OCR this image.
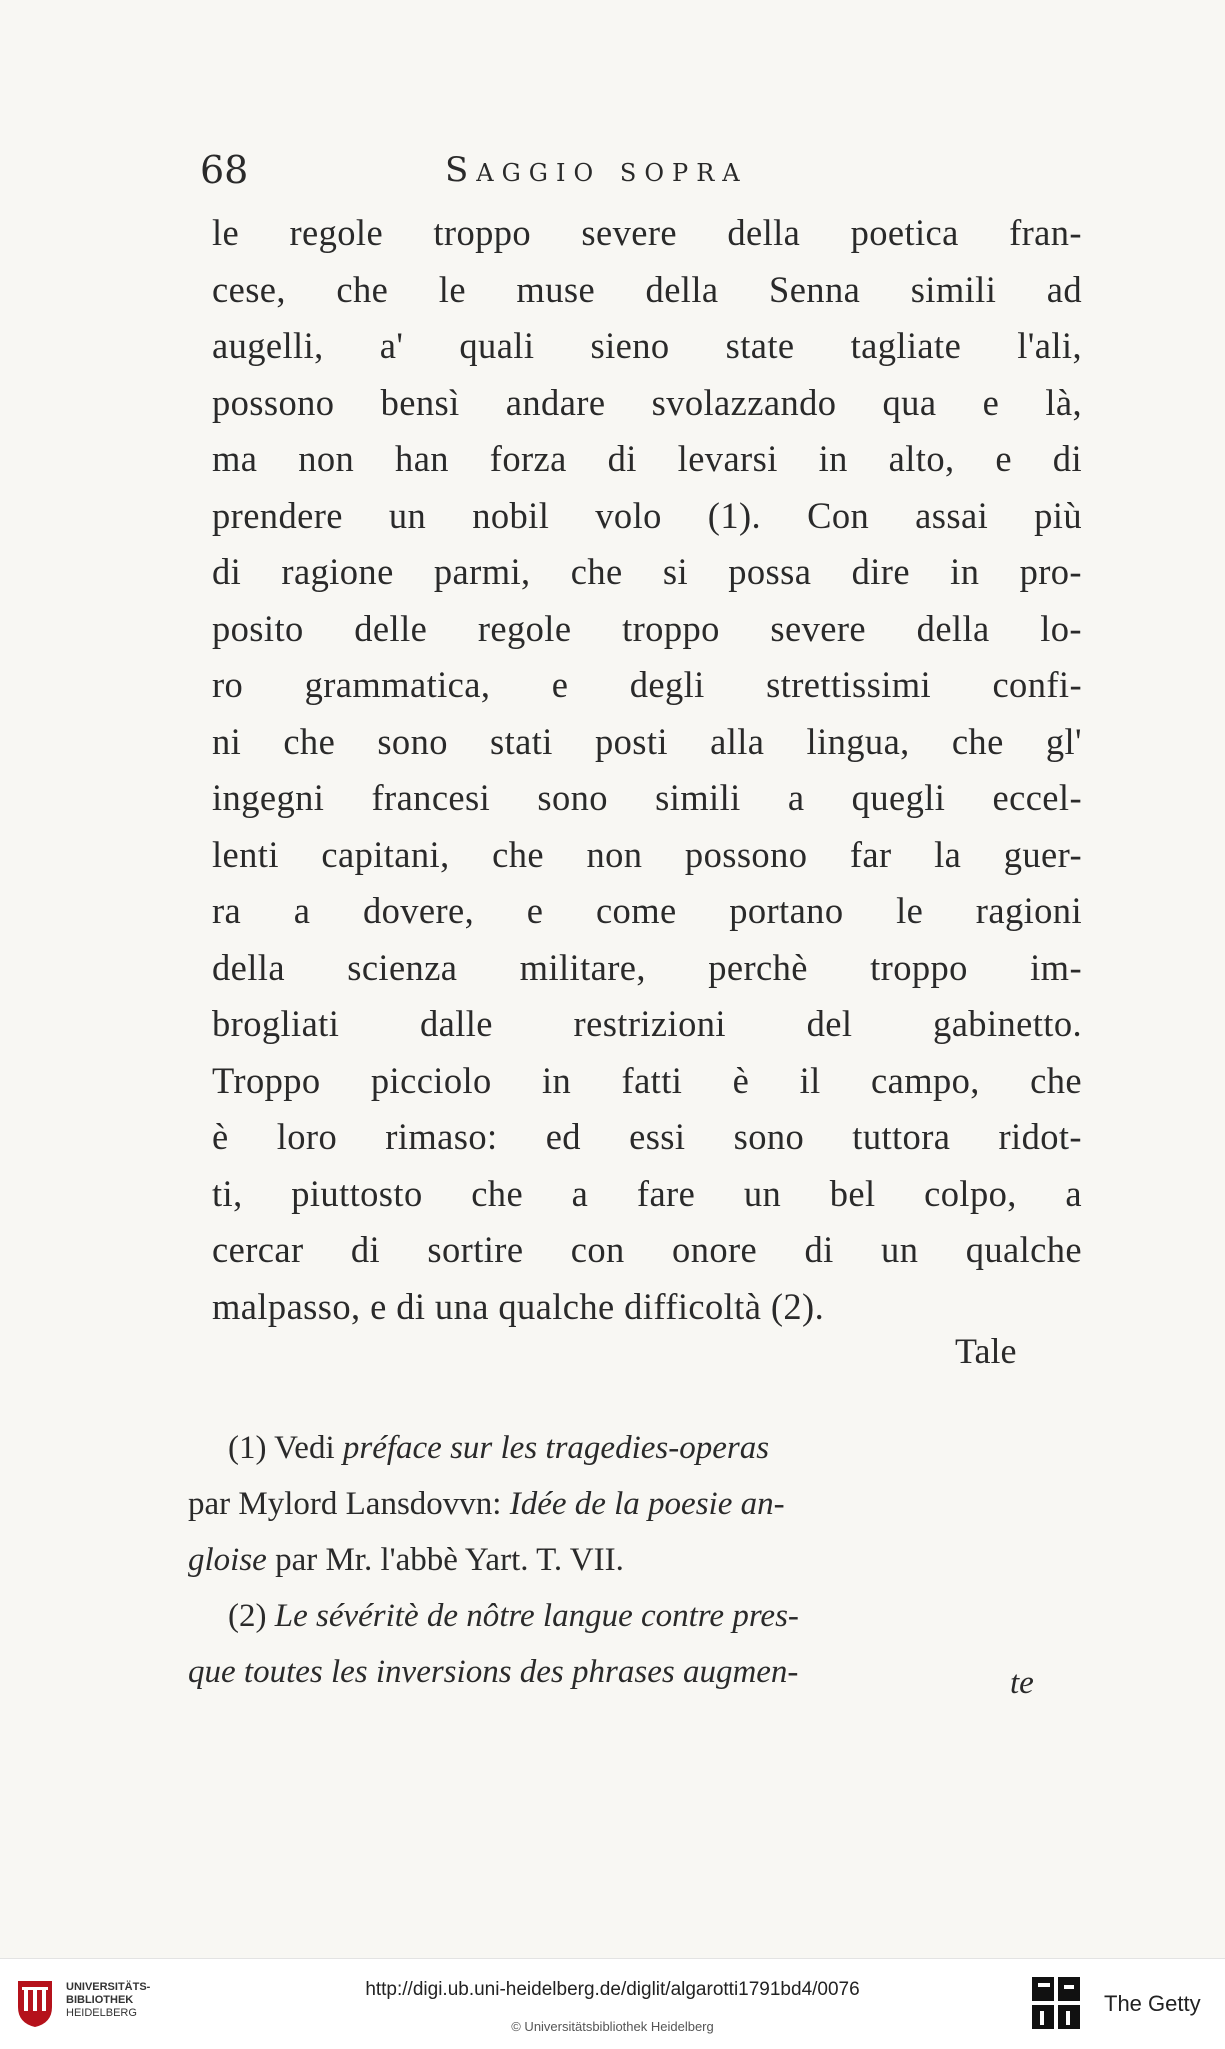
68	Saggio sopra
le regole troppo severe della poetica fran-
cese, che le muse della Senna simili ad
augelli, a' quali sieno state tagliate l'ali,
possono bensì andare svolazzando qua e là,
ma non han forza di levarsi in alto, e di
prendere un nobil volo (1). Con assai più
di ragione parmi, che si possa dire in pro-
posito delle regole troppo severe della lo-
ro grammatica, e degli strettissimi confi-
ni che sono stati posti alla lingua, che gl'
ingegni francesi sono simili a quegli eccel-
lenti capitani, che non possono far la guer-
ra a dovere, e come portano le ragioni
della scienza militare, perchè troppo im-
brogliati dalle restrizioni del gabinetto.
Troppo picciolo in fatti è il campo, che
è loro rimaso: ed essi sono tuttora ridot-
ti, piuttosto che a fare un bel colpo, a
cercar di sortire con onore di un qualche
malpasso, e di una qualche difficoltà (2).
Tale
(1) Vedi préface sur les tragedies-operas
par Mylord Lansdovvn: Idée de la poesie an-
gloise par Mr. l'abbè Yart. T. VII.
(2) Le sévéritè de nôtre langue contre pres-
que toutes les inversions des phrases augmen-	te
UNIVERSITÄTS-
BIBLIOTHEK
HEIDELBERG
http://digi.ub.uni-heidelberg.de/diglit/algarotti1791bd4/0076
© Universitätsbibliothek Heidelberg
The Getty
